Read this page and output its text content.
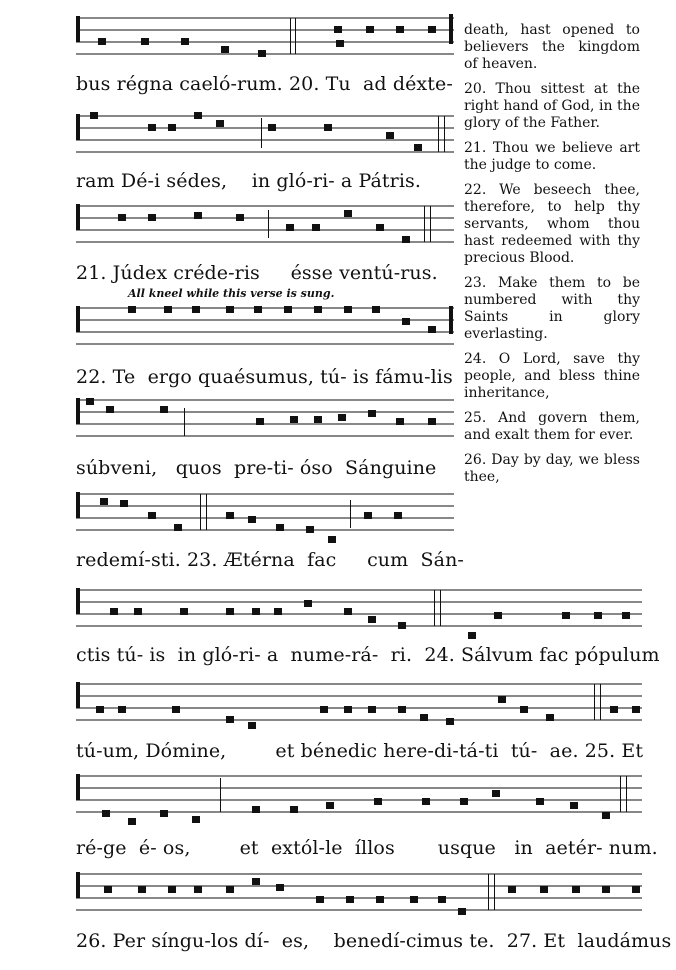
bus régna caeló-rum. 20. Tu  ad déxte-
ram Dé-i sédes,    in gló-ri- a Pátris.
21. Júdex créde-ris     ésse ventú-rus.
All kneel while this verse is sung.
22. Te  ergo quaésumus, tú- is fámu-lis
súbveni,   quos  pre-ti- óso  Sánguine
redemí-sti. 23. Ætérna  fac     cum  Sán-
ctis tú- is  in gló-ri- a  nume-rá-  ri.  24. Sálvum fac pópulum
tú-um, Dómine,        et bénedic here-di-tá-ti  tú-  ae. 25. Et
ré-ge  é- os,        et  extól-le  íllos       usque   in  aetér- num.
26. Per síngu-los dí-  es,    benedí-cimus te.  27. Et  laudámus

death, hast opened to believers the kingdom of heaven.

20. Thou sittest at the right hand of God, in the glory of the Father.

21. Thou we believe art the judge to come.

22. We beseech thee, therefore, to help thy servants, whom thou hast redeemed with thy precious Blood.

23. Make them to be numbered with thy Saints in glory everlasting.

24. O Lord, save thy people, and bless thine inheritance,

25. And govern them, and exalt them for ever.

26. Day by day, we bless thee,
